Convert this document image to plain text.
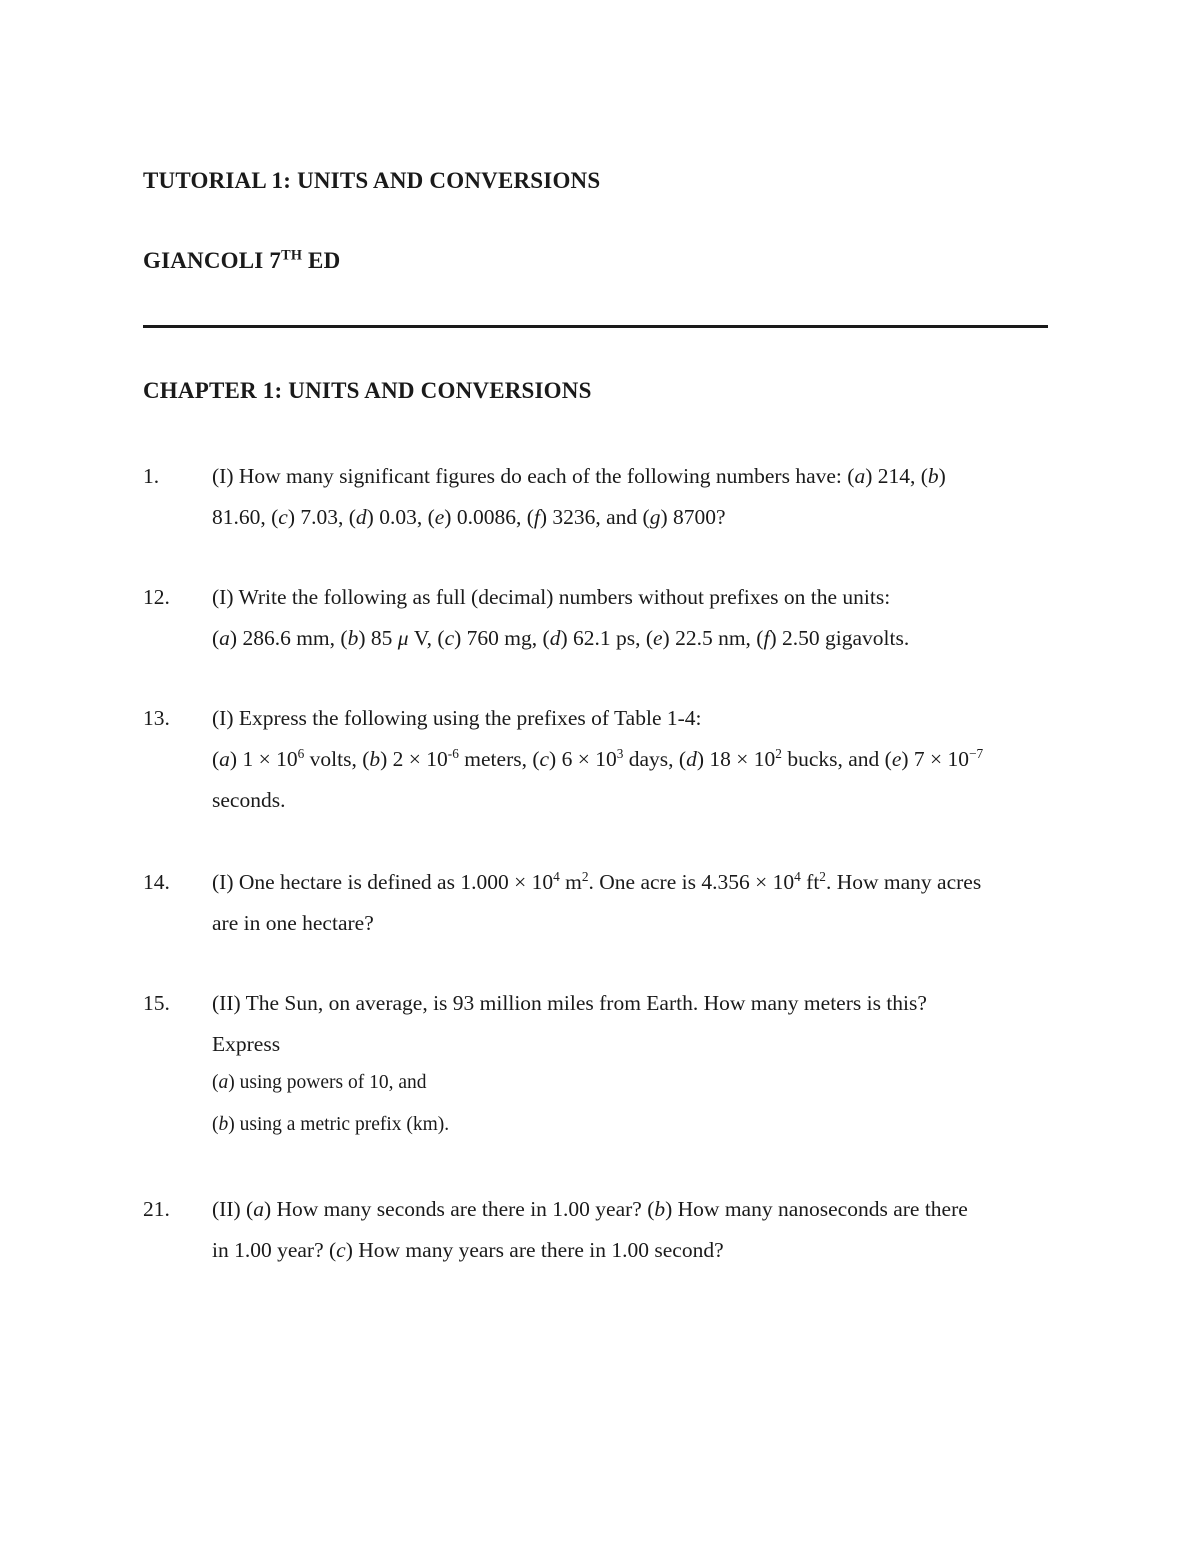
TUTORIAL 1: UNITS AND CONVERSIONS
GIANCOLI 7TH ED
CHAPTER 1: UNITS AND CONVERSIONS
1. (I) How many significant figures do each of the following numbers have: (a) 214, (b)
81.60, (c) 7.03, (d) 0.03, (e) 0.0086, (f) 3236, and (g) 8700?
12. (I) Write the following as full (decimal) numbers without prefixes on the units:
(a) 286.6 mm, (b) 85 μ V, (c) 760 mg, (d) 62.1 ps, (e) 22.5 nm, (f) 2.50 gigavolts.
13. (I) Express the following using the prefixes of Table 1-4:
(a) $1 \times 10^6$ volts, (b) $2 \times 10^{-6}$ meters, (c) $6 \times 10^3$ days, (d) $18 \times 10^2$ bucks, and (e) $7 \times 10^{-7}$
seconds.
14. (I) One hectare is defined as $1.000 \times 10^4$ $m^2$. One acre is $4.356 \times 10^4$ $ft^2$. How many acres
are in one hectare?
15. (II) The Sun, on average, is 93 million miles from Earth. How many meters is this?
Express
(a) using powers of 10, and
(b) using a metric prefix (km).
21. (II) (a) How many seconds are there in 1.00 year? (b) How many nanoseconds are there
in 1.00 year? (c) How many years are there in 1.00 second?
